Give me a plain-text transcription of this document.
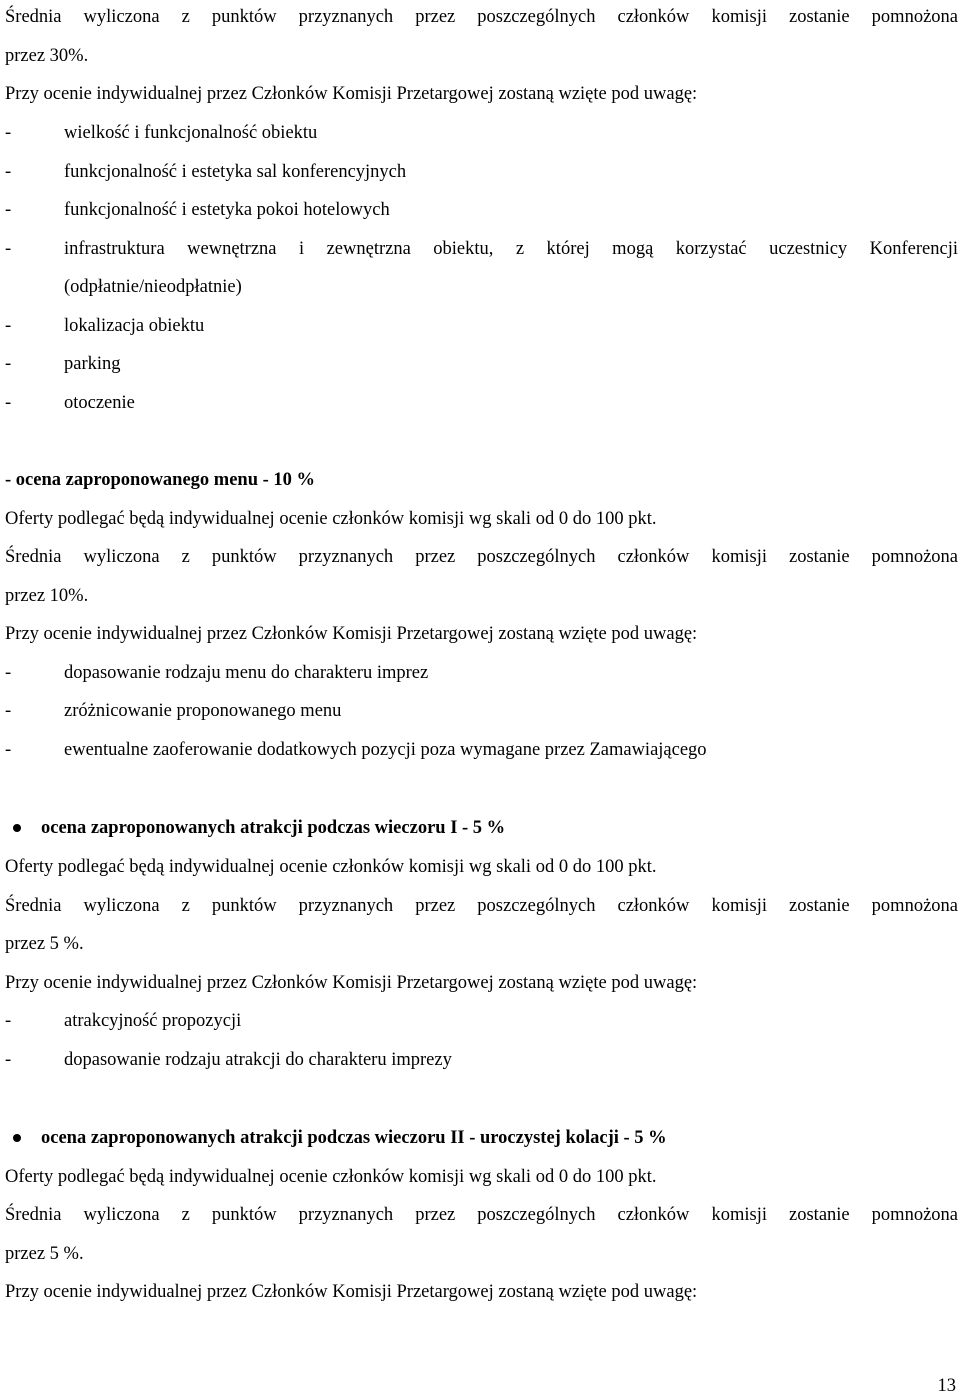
Średnia wyliczona z punktów przyznanych przez poszczególnych członków komisji zostanie pomnożona
przez 30%.
Przy ocenie indywidualnej przez Członków Komisji Przetargowej zostaną wzięte pod uwagę:
-	wielkość i funkcjonalność obiektu
-	funkcjonalność i estetyka sal konferencyjnych
-	funkcjonalność i estetyka pokoi hotelowych
-	infrastruktura wewnętrzna i zewnętrzna obiektu, z której mogą korzystać uczestnicy Konferencji
(odpłatnie/nieodpłatnie)
-	lokalizacja obiektu
-	parking
-	otoczenie
- ocena zaproponowanego menu - 10 %
Oferty podlegać będą indywidualnej ocenie członków komisji wg skali od 0 do 100 pkt.
Średnia wyliczona z punktów przyznanych przez poszczególnych członków komisji zostanie pomnożona
przez 10%.
Przy ocenie indywidualnej przez Członków Komisji Przetargowej zostaną wzięte pod uwagę:
-	dopasowanie rodzaju menu do charakteru imprez
-	zróżnicowanie proponowanego menu
-	ewentualne zaoferowanie dodatkowych pozycji poza wymagane przez Zamawiającego
ocena zaproponowanych atrakcji podczas wieczoru I - 5 %
Oferty podlegać będą indywidualnej ocenie członków komisji wg skali od 0 do 100 pkt.
Średnia wyliczona z punktów przyznanych przez poszczególnych członków komisji zostanie pomnożona
przez 5 %.
Przy ocenie indywidualnej przez Członków Komisji Przetargowej zostaną wzięte pod uwagę:
-	atrakcyjność propozycji
-	dopasowanie rodzaju atrakcji do charakteru imprezy
ocena zaproponowanych atrakcji podczas wieczoru II - uroczystej kolacji - 5 %
Oferty podlegać będą indywidualnej ocenie członków komisji wg skali od 0 do 100 pkt.
Średnia wyliczona z punktów przyznanych przez poszczególnych członków komisji zostanie pomnożona
przez 5 %.
Przy ocenie indywidualnej przez Członków Komisji Przetargowej zostaną wzięte pod uwagę:
13
